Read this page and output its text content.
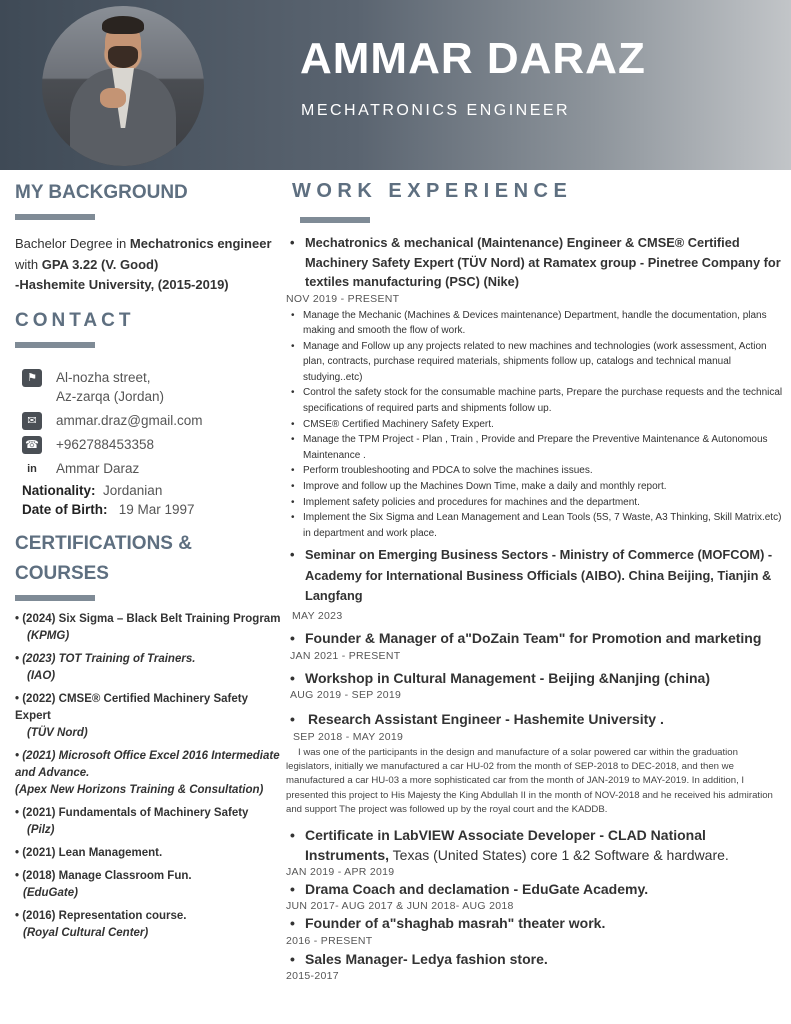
AMMAR DARAZ
MECHATRONICS ENGINEER
MY BACKGROUND
Bachelor Degree in Mechatronics engineer
with GPA 3.22 (V. Good)
-Hashemite University, (2015-2019)
CONTACT
⚑	Al-nozha street,
Az-zarqa (Jordan)
✉	ammar.draz@gmail.com
☎ +962788453358
in	Ammar Daraz
Nationality: Jordanian
Date of Birth: 19 Mar 1997
CERTIFICATIONS &
COURSES
• (2024) Six Sigma – Black Belt Training Program
(KPMG)
• (2023) TOT Training of Trainers.
(IAO)
• (2022) CMSE® Certified Machinery Safety Expert
(TÜV Nord)
• (2021) Microsoft Office Excel 2016 Intermediate and Advance.
(Apex New Horizons Training & Consultation)
• (2021) Fundamentals of Machinery Safety
(Pilz)
• (2021) Lean Management.
• (2018) Manage Classroom Fun.
(EduGate)
• (2016) Representation course.
(Royal Cultural Center)
WORK EXPERIENCE
• Mechatronics & mechanical (Maintenance) Engineer & CMSE® Certified Machinery Safety Expert (TÜV Nord) at Ramatex group - Pinetree Company for textiles manufacturing (PSC) (Nike)
NOV 2019 - PRESENT
• Manage the Mechanic (Machines & Devices maintenance) Department, handle the documentation, plans making and smooth the flow of work.
• Manage and Follow up any projects related to new machines and technologies (work assessment, Action plan, contracts, purchase required materials, shipments follow up, catalogs and technical manual studying..etc)
• Control the safety stock for the consumable machine parts, Prepare the purchase requests and the technical specifications of required parts and shipments follow up.
• CMSE® Certified Machinery Safety Expert.
• Manage the TPM Project - Plan , Train , Provide and Prepare the Preventive Maintenance & Autonomous Maintenance .
• Perform troubleshooting and PDCA to solve the machines issues.
• Improve and follow up the Machines Down Time, make a daily and monthly report.
• Implement safety policies and procedures for machines and the department.
• Implement the Six Sigma and Lean Management and Lean Tools (5S, 7 Waste, A3 Thinking, Skill Matrix.etc) in department and work place.
• Seminar on Emerging Business Sectors - Ministry of Commerce (MOFCOM) - Academy for International Business Officials (AIBO). China Beijing, Tianjin & Langfang
MAY 2023
• Founder & Manager of a"DoZain Team" for Promotion and marketing
JAN 2021 - PRESENT
• Workshop in Cultural Management - Beijing &Nanjing (china)
AUG 2019 - SEP 2019
• Research Assistant Engineer - Hashemite University .
SEP 2018 - MAY 2019
I was one of the participants in the design and manufacture of a solar powered car within the graduation legislators, initially we manufactured a car HU-02 from the month of SEP-2018 to DEC-2018, and then we manufactured a car HU-03 a more sophisticated car from the month of JAN-2019 to MAY-2019. In addition, I presented this project to His Majesty the King Abdullah II in the month of NOV-2018 and he received his admiration and support The project was followed up by the royal court and the KADDB.
• Certificate in LabVIEW Associate Developer - CLAD National Instruments, Texas (United States) core 1 &2 Software & hardware.
JAN 2019 - APR 2019
• Drama Coach and declamation - EduGate Academy.
JUN 2017- AUG 2017 & JUN 2018- AUG 2018
• Founder of a"shaghab masrah" theater work.
2016 - PRESENT
• Sales Manager- Ledya fashion store.
2015-2017
